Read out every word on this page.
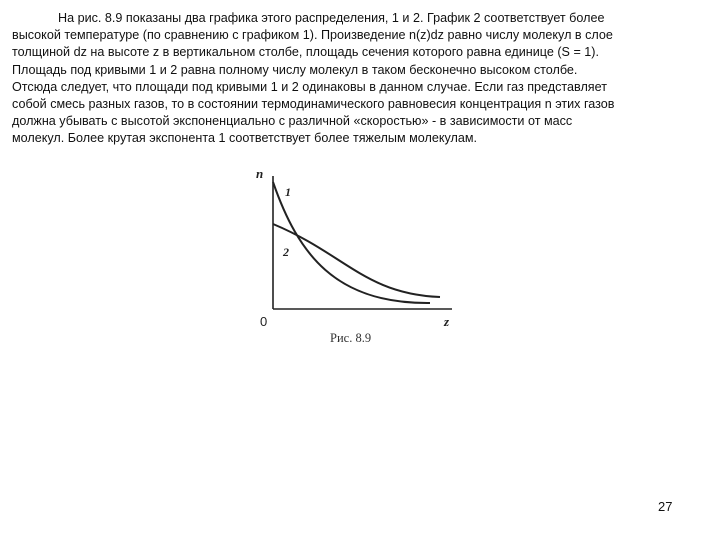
На рис. 8.9 показаны два графика этого распределения, 1 и 2. График 2 соответствует более

высокой температуре (по сравнению с графиком 1). Произведение n(z)dz равно числу молекул в слое

толщиной dz на высоте z в вертикальном столбе, площадь сечения которого равна единице (S = 1).

Площадь под кривыми 1 и 2 равна полному числу молекул в таком бесконечно высоком столбе.

Отсюда следует, что площади под кривыми 1 и 2 одинаковы в данном случае. Если газ представляет

собой смесь разных газов, то в состоянии термодинамического равновесия концентрация n этих газов

должна убывать с высотой экспоненциально с различной «скоростью» - в зависимости от масс

молекул. Более крутая экспонента 1 соответствует более тяжелым молекулам.

n
z
0
1
2
Рис. 8.9
27
